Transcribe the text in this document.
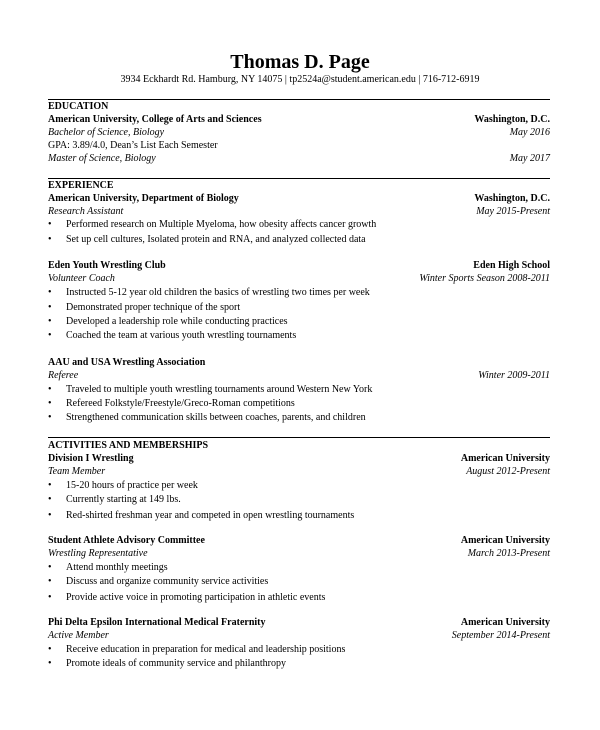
Thomas D. Page
3934 Eckhardt Rd. Hamburg, NY 14075 | tp2524a@student.american.edu | 716-712-6919
EDUCATION
American University, College of Arts and Sciences	Washington, D.C.
Bachelor of Science, Biology	May 2016
GPA: 3.89/4.0, Dean’s List Each Semester
Master of Science, Biology	May 2017
EXPERIENCE
American University, Department of Biology	Washington, D.C.
Research Assistant	May 2015-Present
•	Performed research on Multiple Myeloma, how obesity affects cancer growth
•	Set up cell cultures, Isolated protein and RNA, and analyzed collected data
Eden Youth Wrestling Club	Eden High School
Volunteer Coach	Winter Sports Season 2008-2011
•	Instructed 5-12 year old children the basics of wrestling two times per week
•	Demonstrated proper technique of the sport
•	Developed a leadership role while conducting practices
•	Coached the team at various youth wrestling tournaments
AAU and USA Wrestling Association
Referee	Winter 2009-2011
•	Traveled to multiple youth wrestling tournaments around Western New York
•	Refereed Folkstyle/Freestyle/Greco-Roman competitions
•	Strengthened communication skills between coaches, parents, and children
ACTIVITIES AND MEMBERSHIPS
Division I Wrestling	American University
Team Member	August 2012-Present
•	15-20 hours of practice per week
•	Currently starting at 149 lbs.
•	Red-shirted freshman year and competed in open wrestling tournaments
Student Athlete Advisory Committee	American University
Wrestling Representative	March 2013-Present
•	Attend monthly meetings
•	Discuss and organize community service activities
•	Provide active voice in promoting participation in athletic events
Phi Delta Epsilon International Medical Fraternity	American University
Active Member	September 2014-Present
•	Receive education in preparation for medical and leadership positions
•	Promote ideals of community service and philanthropy
